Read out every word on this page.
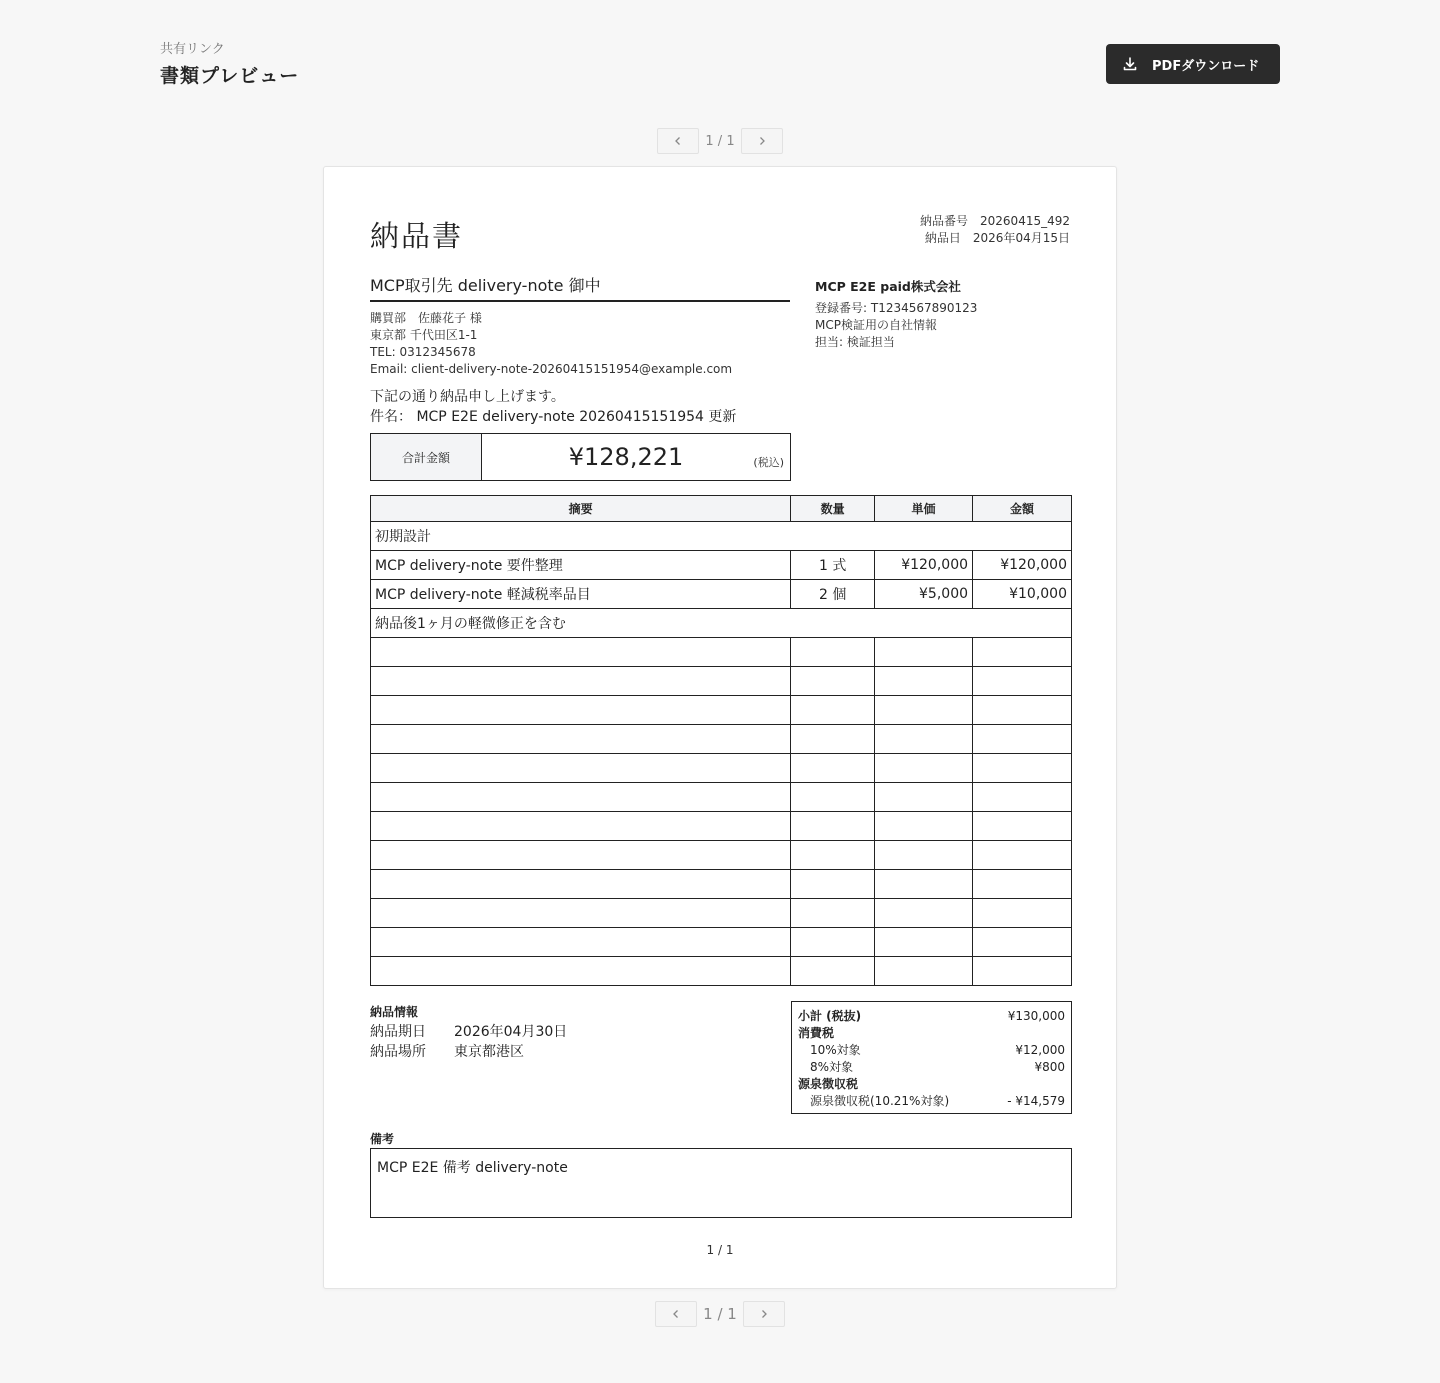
共有リンク
書類プレビュー	PDFダウンロード
1 / 1
納品書	納品番号 20260415_492
納品日 2026年04月15日
MCP取引先 delivery-note 御中
購買部　佐藤花子 様
東京都 千代田区1-1
TEL: 0312345678
Email: client-delivery-note-20260415151954@example.com
MCP E2E paid株式会社
登録番号: T1234567890123
MCP検証用の自社情報
担当: 検証担当
下記の通り納品申し上げます。
件名： MCP E2E delivery-note 20260415151954 更新
合計金額	¥128,221	(税込)
摘要	数量	単価	金額
初期設計			
MCP delivery-note 要件整理	1 式	¥120,000	¥120,000
MCP delivery-note 軽減税率品目	2 個	¥5,000	¥10,000
納品後1ヶ月の軽微修正を含む			

納品情報
納品期日	2026年04月30日
納品場所	東京都港区
小計 (税抜)	¥130,000
消費税
10%対象	¥12,000
8%対象	¥800
源泉徴収税
源泉徴収税(10.21%対象)	- ¥14,579
備考
MCP E2E 備考 delivery-note
1 / 1
1 / 1
